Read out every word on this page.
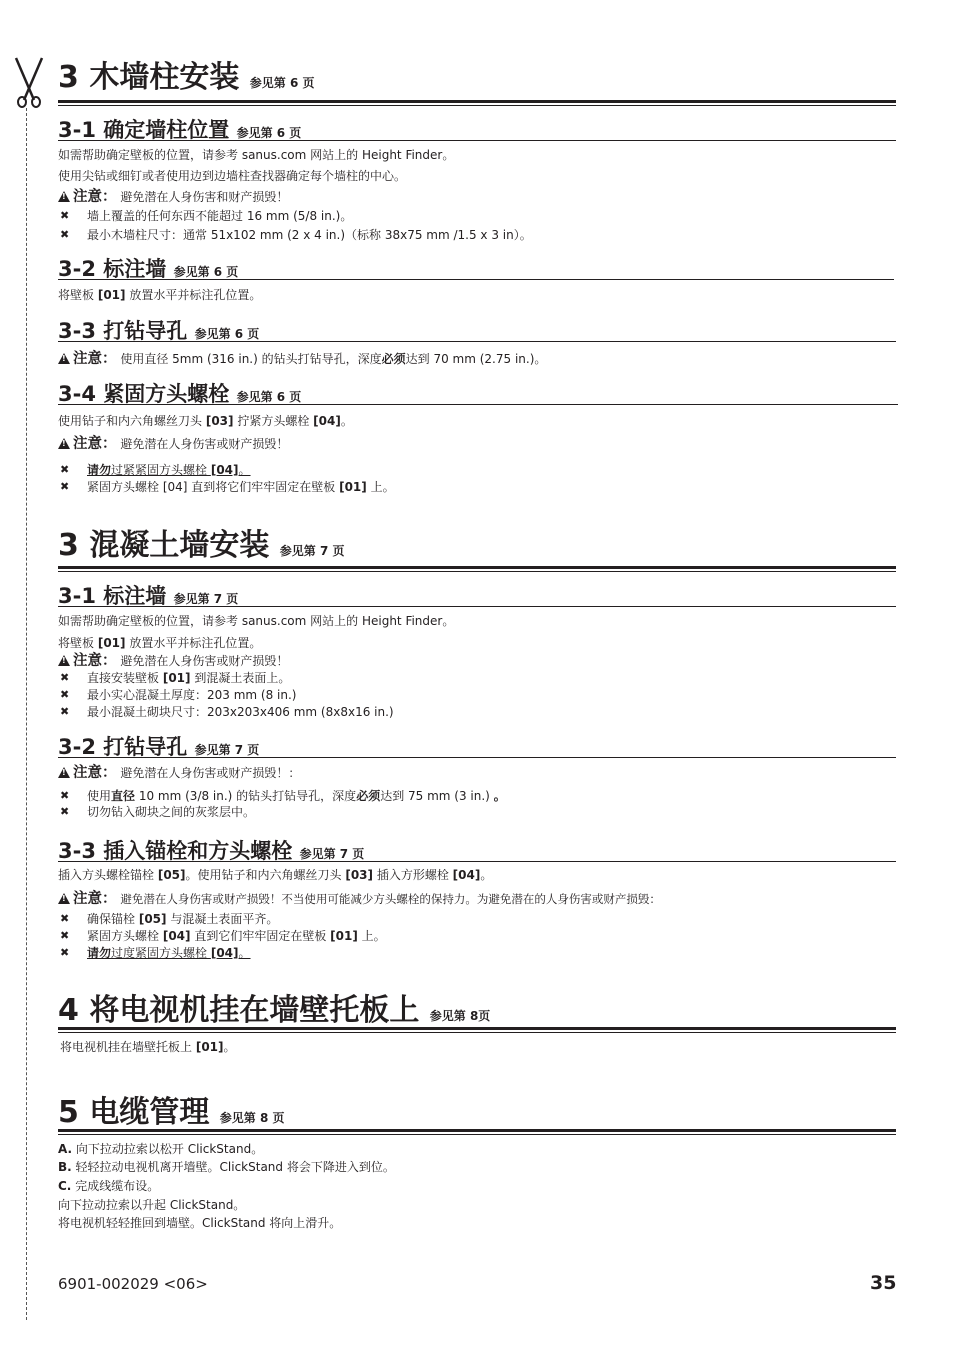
3 木墙柱安装 参见第 6 页
3-1 确定墙柱位置 参见第 6 页
如需帮助确定壁板的位置，请参考 sanus.com 网站上的 Height Finder。
使用尖钻或细钉或者使用边到边墙柱查找器确定每个墙柱的中心。
!注意： 避免潜在人身伤害和财产损毁！
✖ 墙上覆盖的任何东西不能超过 16 mm (5/8 in.)。
✖ 最小木墙柱尺寸：通常 51x102 mm (2 x 4 in.)（标称 38x75 mm /1.5 x 3 in）。
3-2 标注墙 参见第 6 页
将壁板 [01] 放置水平并标注孔位置。
3-3 打钻导孔 参见第 6 页
!注意： 使用直径 5mm (316 in.) 的钻头打钻导孔，深度必须达到 70 mm (2.75 in.)。
3-4 紧固方头螺栓 参见第 6 页
使用钻子和内六角螺丝刀头 [03] 拧紧方头螺栓 [04]。
!注意： 避免潜在人身伤害或财产损毁！
✖ 请勿过紧紧固方头螺栓 [04]。
✖ 紧固方头螺栓 [04] 直到将它们牢牢固定在壁板 [01] 上。
3 混凝土墙安装 参见第 7 页
3-1 标注墙 参见第 7 页
如需帮助确定壁板的位置，请参考 sanus.com 网站上的 Height Finder。
将壁板 [01] 放置水平并标注孔位置。
!注意： 避免潜在人身伤害或财产损毁！
✖ 直接安装壁板 [01] 到混凝土表面上。
✖ 最小实心混凝土厚度：203 mm (8 in.)
✖ 最小混凝土砌块尺寸：203x203x406 mm (8x8x16 in.)
3-2 打钻导孔 参见第 7 页
!注意： 避免潜在人身伤害或财产损毁！：
✖ 使用直径 10 mm (3/8 in.) 的钻头打钻导孔，深度必须达到 75 mm (3 in.) 。
✖ 切勿钻入砌块之间的灰浆层中。
3-3 插入锚栓和方头螺栓 参见第 7 页
插入方头螺栓锚栓 [05]。使用钻子和内六角螺丝刀头 [03] 插入方形螺栓 [04]。
!注意： 避免潜在人身伤害或财产损毁！不当使用可能减少方头螺栓的保持力。为避免潜在的人身伤害或财产损毁：
✖ 确保锚栓 [05] 与混凝土表面平齐。
✖ 紧固方头螺栓 [04] 直到它们牢牢固定在壁板 [01] 上。
✖ 请勿过度紧固方头螺栓 [04]。
4 将电视机挂在墙壁托板上 参见第 8页
将电视机挂在墙壁托板上 [01]。
5 电缆管理 参见第 8 页
A. 向下拉动拉索以松开 ClickStand。
B. 轻轻拉动电视机离开墙壁。ClickStand 将会下降进入到位。
C. 完成线缆布设。
向下拉动拉索以升起 ClickStand。
将电视机轻轻推回到墙壁。ClickStand 将向上滑升。
6901-002029 <06>	35
